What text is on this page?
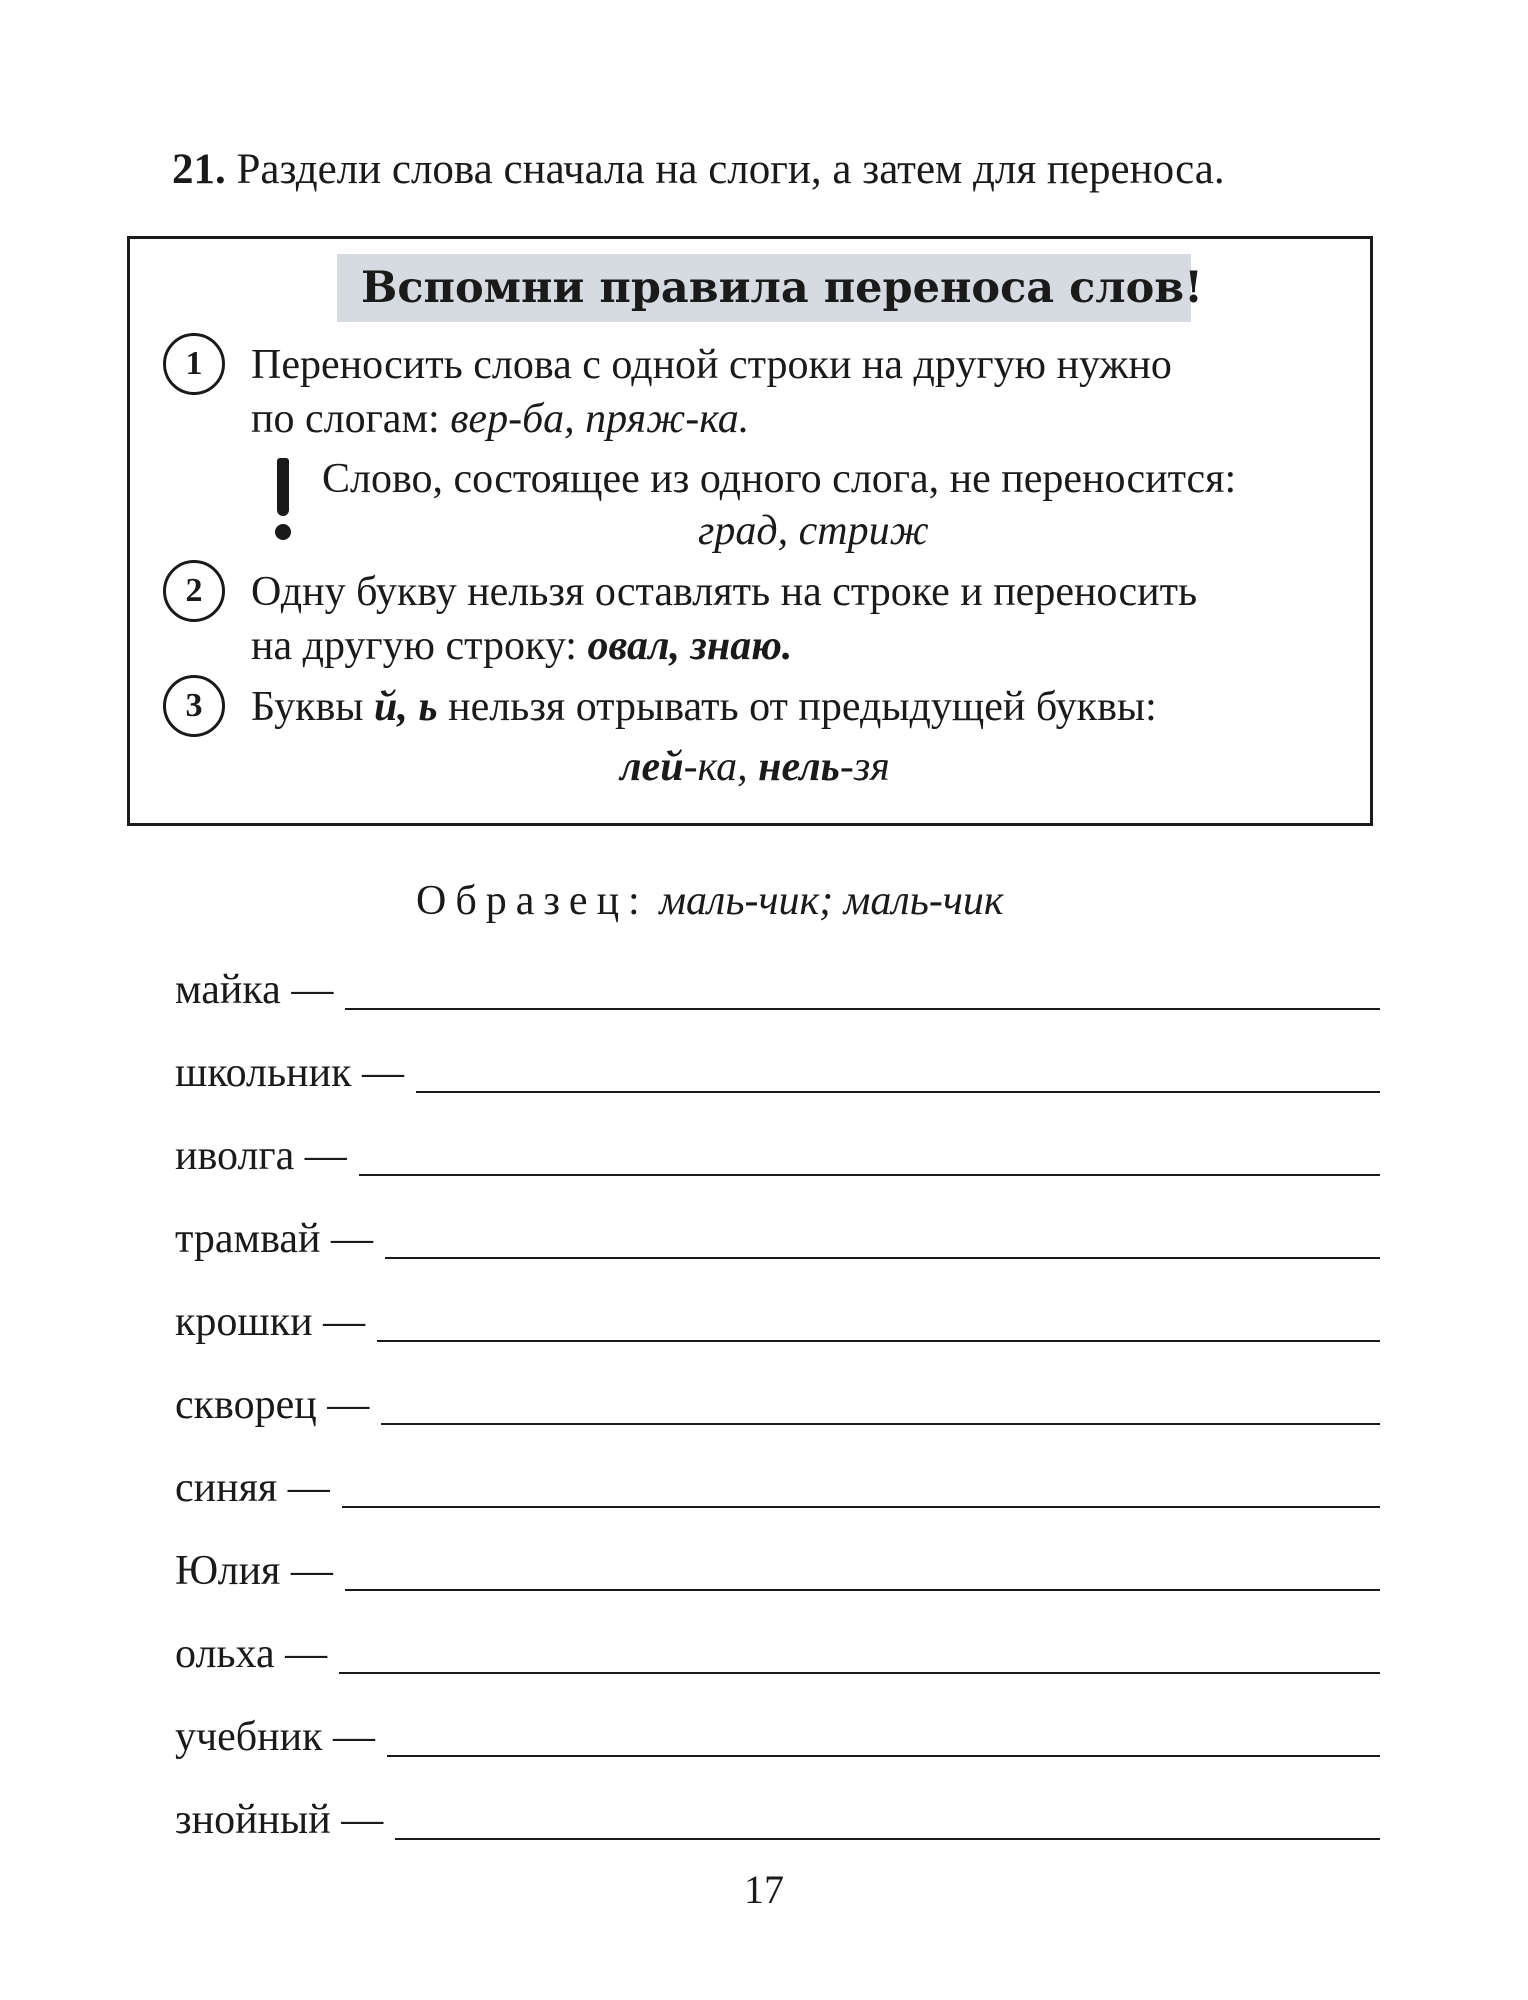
21. Раздели слова сначала на слоги, а затем для переноса.
Вспомни правила переноса слов!
1	Переносить слова с одной строки на другую нужно
по слогам: вер-ба, пряж-ка.
Слово, состоящее из одного слога, не переносится:
град, стриж
2	Одну букву нельзя оставлять на строке и переносить
на другую строку: овал, знаю.
3	Буквы й, ь нельзя отрывать от предыдущей буквы:
лей-ка, нель-зя
Образец: маль-чик; маль-чик
майка —
школьник —
иволга —
трамвай —
крошки —
скворец —
синяя —
Юлия —
ольха —
учебник —
знойный —
17
